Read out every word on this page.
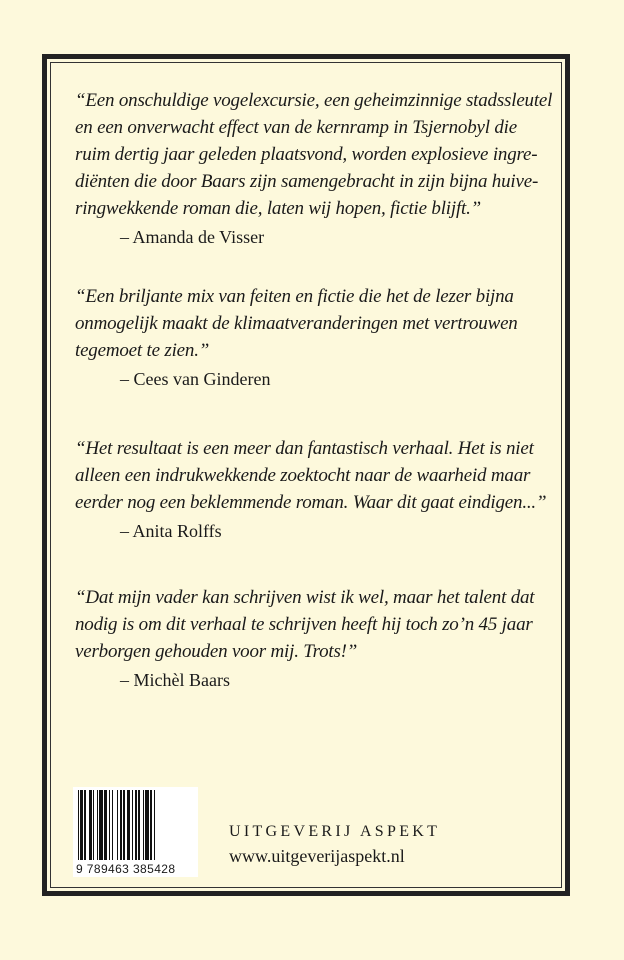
“Een onschuldige vogelexcursie, een geheimzinnige stadssleutel
en een onverwacht effect van de kernramp in Tsjernobyl die
ruim dertig jaar geleden plaatsvond, worden explosieve ingre-
diënten die door Baars zijn samengebracht in zijn bijna huive-
ringwekkende roman die, laten wij hopen, fictie blijft.”
– Amanda de Visser
“Een briljante mix van feiten en fictie die het de lezer bijna
onmogelijk maakt de klimaatveranderingen met vertrouwen
tegemoet te zien.”
– Cees van Ginderen
“Het resultaat is een meer dan fantastisch verhaal. Het is niet
alleen een indrukwekkende zoektocht naar de waarheid maar
eerder nog een beklemmende roman. Waar dit gaat eindigen...”
– Anita Rolffs
“Dat mijn vader kan schrijven wist ik wel, maar het talent dat
nodig is om dit verhaal te schrijven heeft hij toch zo’n 45 jaar
verborgen gehouden voor mij. Trots!”
– Michèl Baars
9 789463 385428
UITGEVERIJ ASPEKT
www.uitgeverijaspekt.nl
